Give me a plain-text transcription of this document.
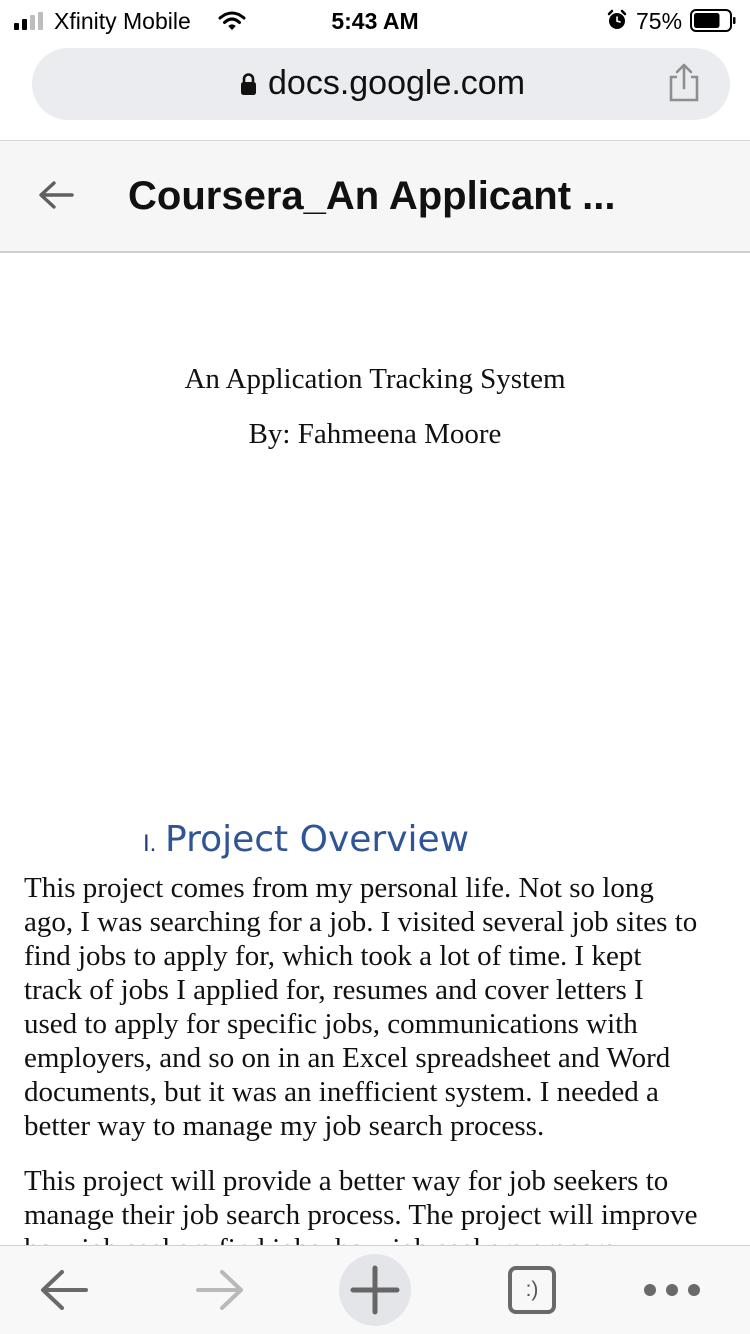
Xfinity Mobile	5:43 AM	75%
docs.google.com
Coursera_An Applicant ...
An Application Tracking System
By: Fahmeena Moore
I. Project Overview
This project comes from my personal life. Not so long
ago, I was searching for a job. I visited several job sites to
find jobs to apply for, which took a lot of time. I kept
track of jobs I applied for, resumes and cover letters I
used to apply for specific jobs, communications with
employers, and so on in an Excel spreadsheet and Word
documents, but it was an inefficient system. I needed a
better way to manage my job search process.
This project will provide a better way for job seekers to
manage their job search process. The project will improve
:)
